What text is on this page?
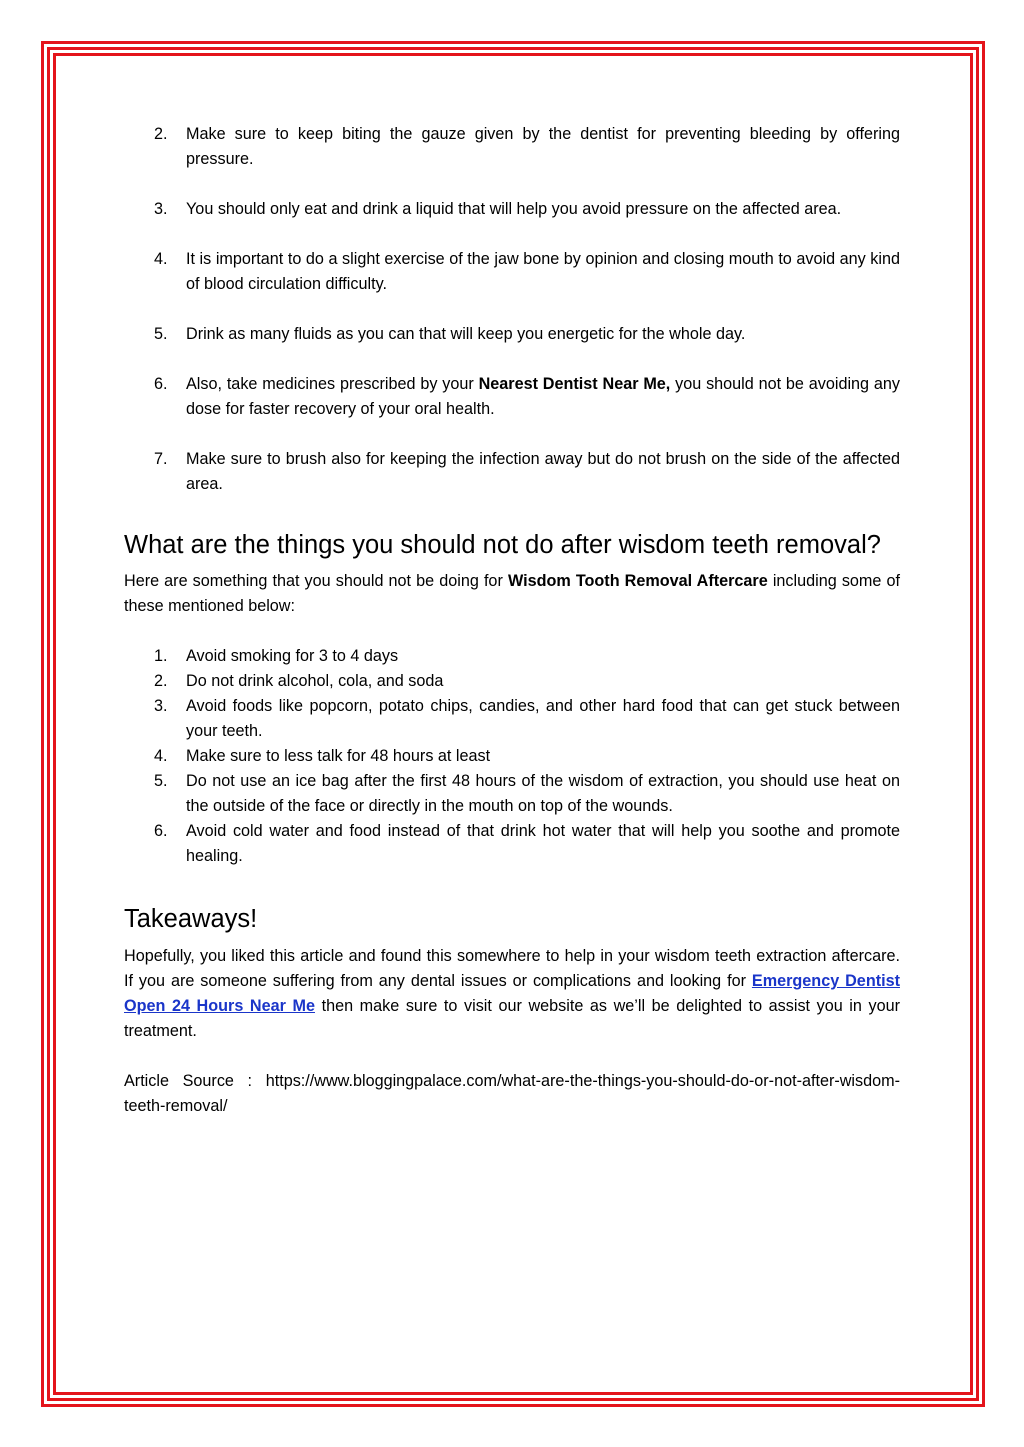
2. Make sure to keep biting the gauze given by the dentist for preventing bleeding by offering pressure.
3. You should only eat and drink a liquid that will help you avoid pressure on the affected area.
4. It is important to do a slight exercise of the jaw bone by opinion and closing mouth to avoid any kind of blood circulation difficulty.
5. Drink as many fluids as you can that will keep you energetic for the whole day.
6. Also, take medicines prescribed by your Nearest Dentist Near Me, you should not be avoiding any dose for faster recovery of your oral health.
7. Make sure to brush also for keeping the infection away but do not brush on the side of the affected area.
What are the things you should not do after wisdom teeth removal?

Here are something that you should not be doing for Wisdom Tooth Removal Aftercare including some of these mentioned below:

1. Avoid smoking for 3 to 4 days
2. Do not drink alcohol, cola, and soda
3. Avoid foods like popcorn, potato chips, candies, and other hard food that can get stuck between your teeth.
4. Make sure to less talk for 48 hours at least
5. Do not use an ice bag after the first 48 hours of the wisdom of extraction, you should use heat on the outside of the face or directly in the mouth on top of the wounds.
6. Avoid cold water and food instead of that drink hot water that will help you soothe and promote healing.
Takeaways!

Hopefully, you liked this article and found this somewhere to help in your wisdom teeth extraction aftercare. If you are someone suffering from any dental issues or complications and looking for Emergency Dentist Open 24 Hours Near Me then make sure to visit our website as we’ll be delighted to assist you in your treatment.

Article Source : https://www.bloggingpalace.com/what-are-the-things-you-should-do-or-not-after-wisdom-teeth-removal/
